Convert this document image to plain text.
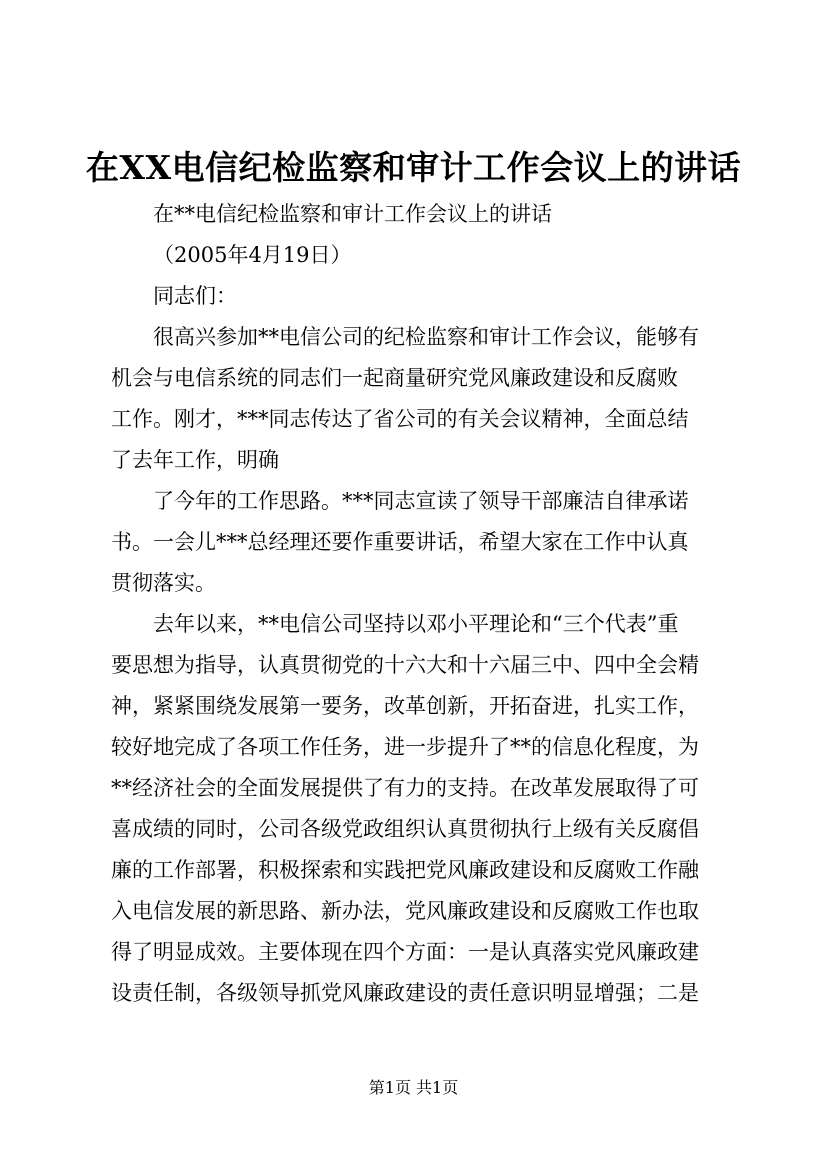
在XX电信纪检监察和审计工作会议上的讲话
在**电信纪检监察和审计工作会议上的讲话
（2005年4月19日）
同志们：
很高兴参加**电信公司的纪检监察和审计工作会议，能够有
机会与电信系统的同志们一起商量研究党风廉政建设和反腐败
工作。刚才，***同志传达了省公司的有关会议精神，全面总结
了去年工作，明确
了今年的工作思路。***同志宣读了领导干部廉洁自律承诺
书。一会儿***总经理还要作重要讲话，希望大家在工作中认真
贯彻落实。
去年以来，**电信公司坚持以邓小平理论和“三个代表”重
要思想为指导，认真贯彻党的十六大和十六届三中、四中全会精
神，紧紧围绕发展第一要务，改革创新，开拓奋进，扎实工作，
较好地完成了各项工作任务，进一步提升了**的信息化程度，为
**经济社会的全面发展提供了有力的支持。在改革发展取得了可
喜成绩的同时，公司各级党政组织认真贯彻执行上级有关反腐倡
廉的工作部署，积极探索和实践把党风廉政建设和反腐败工作融
入电信发展的新思路、新办法，党风廉政建设和反腐败工作也取
得了明显成效。主要体现在四个方面：一是认真落实党风廉政建
设责任制，各级领导抓党风廉政建设的责任意识明显增强；二是
第1页 共1页
